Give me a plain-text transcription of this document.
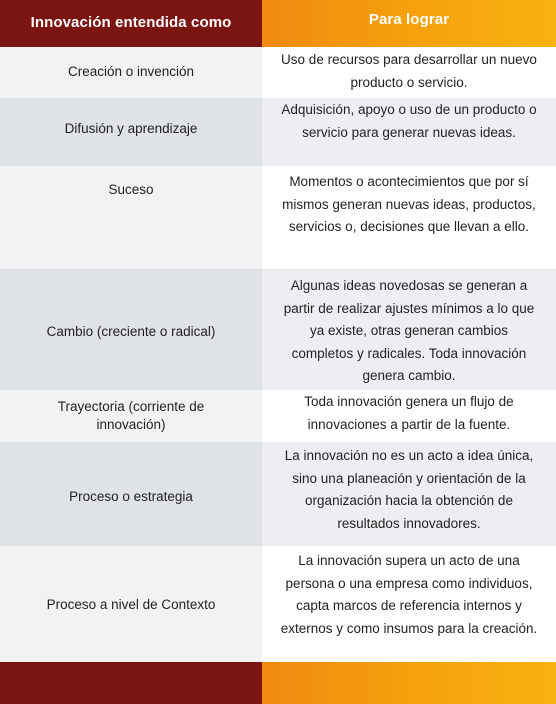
Innovación entendida como	Para lograr
Creación o invención
Uso de recursos para desarrollar un nuevo producto o servicio.
Difusión y aprendizaje
Adquisición, apoyo o uso de un producto o servicio para generar nuevas ideas.
Suceso
Momentos o acontecimientos que por sí mismos generan nuevas ideas, productos, servicios o, decisiones que llevan a ello.
Cambio (creciente o radical)
Algunas ideas novedosas se generan a partir de realizar ajustes mínimos a lo que ya existe, otras generan cambios completos y radicales. Toda innovación genera cambio.
Trayectoria (corriente de innovación)
Toda innovación genera un flujo de innovaciones a partir de la fuente.
Proceso o estrategia
La innovación no es un acto a idea única, sino una planeación y orientación de la organización hacia la obtención de resultados innovadores.
Proceso a nivel de Contexto
La innovación supera un acto de una persona o una empresa como individuos, capta marcos de referencia internos y externos y como insumos para la creación.
